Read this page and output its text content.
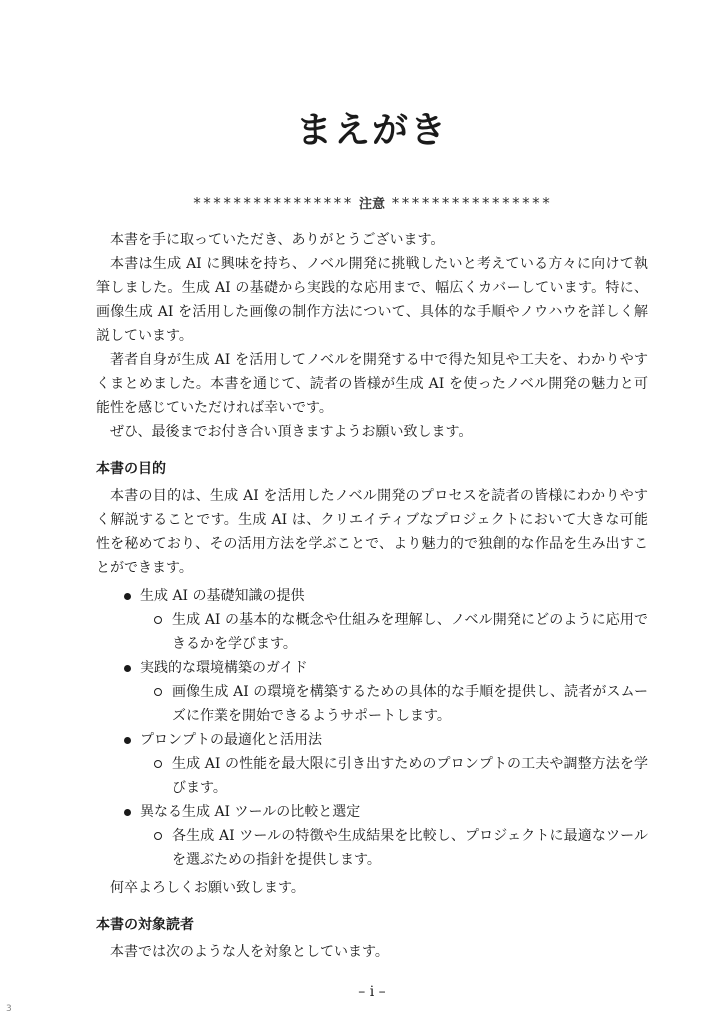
まえがき
**************** 注意 ****************

本書を手に取っていただき、ありがとうございます。

本書は生成 AI に興味を持ち、ノベル開発に挑戦したいと考えている方々に向けて執筆しました。生成 AI の基礎から実践的な応用まで、幅広くカバーしています。特に、画像生成 AI を活用した画像の制作方法について、具体的な手順やノウハウを詳しく解説しています。

著者自身が生成 AI を活用してノベルを開発する中で得た知見や工夫を、わかりやすくまとめました。本書を通じて、読者の皆様が生成 AI を使ったノベル開発の魅力と可能性を感じていただければ幸いです。

ぜひ、最後までお付き合い頂きますようお願い致します。

本書の目的

本書の目的は、生成 AI を活用したノベル開発のプロセスを読者の皆様にわかりやすく解説することです。生成 AI は、クリエイティブなプロジェクトにおいて大きな可能性を秘めており、その活用方法を学ぶことで、より魅力的で独創的な作品を生み出すことができます。

生成 AI の基礎知識の提供
生成 AI の基本的な概念や仕組みを理解し、ノベル開発にどのように応用できるかを学びます。
実践的な環境構築のガイド
画像生成 AI の環境を構築するための具体的な手順を提供し、読者がスムーズに作業を開始できるようサポートします。
プロンプトの最適化と活用法
生成 AI の性能を最大限に引き出すためのプロンプトの工夫や調整方法を学びます。
異なる生成 AI ツールの比較と選定
各生成 AI ツールの特徴や生成結果を比較し、プロジェクトに最適なツールを選ぶための指針を提供します。

何卒よろしくお願い致します。

本書の対象読者

本書では次のような人を対象としています。

– i –
3
